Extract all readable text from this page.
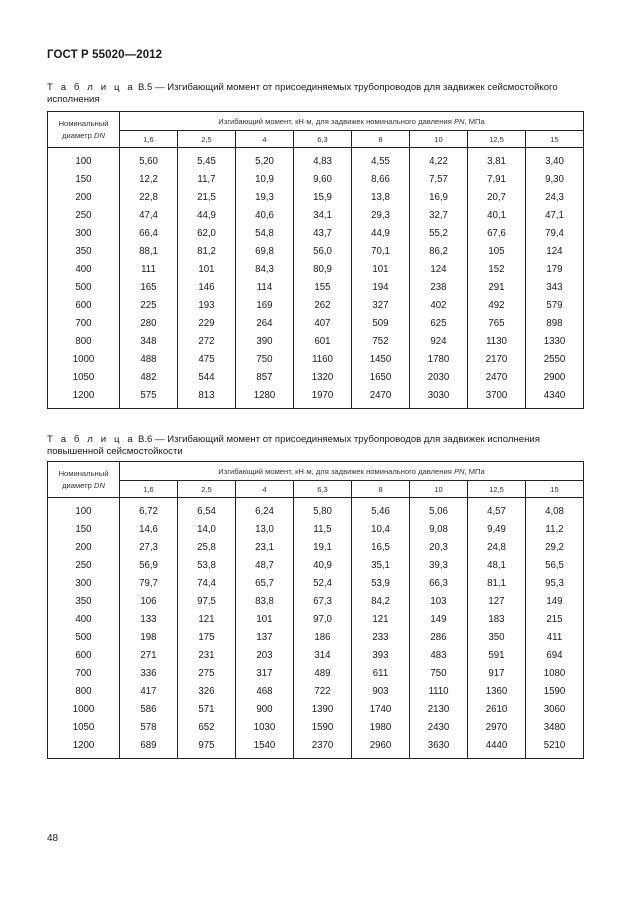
ГОСТ Р 55020—2012
Т а б л и ц а В.5 — Изгибающий момент от присоединяемых трубопроводов для задвижек сейсмостойкого исполнения
Номинальный
диаметр DN	Изгибающий момент, кН·м, для задвижек номинального давления PN, МПа							
	1,6	2,5	4	6,3	8	10	12,5	15
100	5,60	5,45	5,20	4,83	4,55	4,22	3,81	3,40
150	12,2	11,7	10,9	9,60	8,66	7,57	7,91	9,30
200	22,8	21,5	19,3	15,9	13,8	16,9	20,7	24,3
250	47,4	44,9	40,6	34,1	29,3	32,7	40,1	47,1
300	66,4	62,0	54,8	43,7	44,9	55,2	67,6	79,4
350	88,1	81,2	69,8	56,0	70,1	86,2	105	124
400	111	101	84,3	80,9	101	124	152	179
500	165	146	114	155	194	238	291	343
600	225	193	169	262	327	402	492	579
700	280	229	264	407	509	625	765	898
800	348	272	390	601	752	924	1130	1330
1000	488	475	750	1160	1450	1780	2170	2550
1050	482	544	857	1320	1650	2030	2470	2900
1200	575	813	1280	1970	2470	3030	3700	4340
Т а б л и ц а В.6 — Изгибающий момент от присоединяемых трубопроводов для задвижек исполнения повышенной сейсмостойкости
Номинальный
диаметр DN	Изгибающий момент, кН·м, для задвижек номинального давления PN, МПа							
	1,6	2,5	4	6,3	8	10	12,5	15
100	6,72	6,54	6,24	5,80	5,46	5,06	4,57	4,08
150	14,6	14,0	13,0	11,5	10,4	9,08	9,49	11,2
200	27,3	25,8	23,1	19,1	16,5	20,3	24,8	29,2
250	56,9	53,8	48,7	40,9	35,1	39,3	48,1	56,5
300	79,7	74,4	65,7	52,4	53,9	66,3	81,1	95,3
350	106	97,5	83,8	67,3	84,2	103	127	149
400	133	121	101	97,0	121	149	183	215
500	198	175	137	186	233	286	350	411
600	271	231	203	314	393	483	591	694
700	336	275	317	489	611	750	917	1080
800	417	326	468	722	903	1110	1360	1590
1000	586	571	900	1390	1740	2130	2610	3060
1050	578	652	1030	1590	1980	2430	2970	3480
1200	689	975	1540	2370	2960	3630	4440	5210
48
